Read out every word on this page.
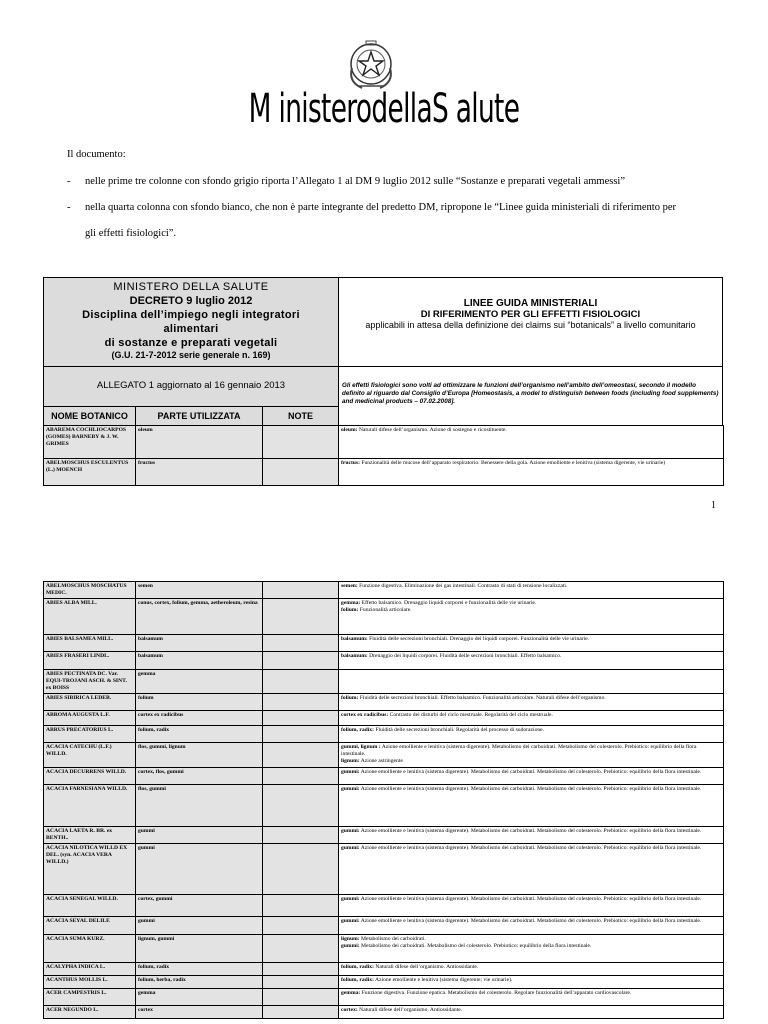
M inisterodellaS alute
Il documento:
- nelle prime tre colonne con sfondo grigio riporta l’Allegato 1 al DM 9 luglio 2012 sulle “Sostanze e preparati vegetali ammessi”
- nella quarta colonna con sfondo bianco, che non è parte integrante del predetto DM, ripropone le “Linee guida ministeriali di riferimento per
gli effetti fisiologici”.
MINISTERO DELLA SALUTE
DECRETO 9 luglio 2012
Disciplina dell’impiego negli integratori
alimentari
di sostanze e preparati vegetali
(G.U. 21-7-2012 serie generale n. 169)
LINEE GUIDA MINISTERIALI
DI RIFERIMENTO PER GLI EFFETTI FISIOLOGICI
applicabili in attesa della definizione dei claims sui “botanicals” a livello comunitario
ALLEGATO 1 aggiornato al 16 gennaio 2013	Gli effetti fisiologici sono volti ad ottimizzare le funzioni dell’organismo nell’ambito dell’omeostasi, secondo il modello definito al riguardo dal Consiglio d’Europa [Homeostasis, a model to distinguish between foods (including food supplements) and medicinal products – 07.02.2008].
NOME BOTANICO	PARTE UTILIZZATA	NOTE
ABAREMA COCHLIOCARPOS (GOMES) BARNEBY & J. W. GRIMES	oleum		oleum: Naturali difese dell’organismo. Azione di sostegno e ricostituente.
ABELMOSCHUS ESCULENTUS (L.) MOENCH	fructus		fructus: Funzionalità delle mucose dell’apparato respiratorio. Benessere della gola. Azione emolliente e lenitiva (sistema digerente, vie urinarie)
1
ABELMOSCHUS MOSCHATUS MEDIC.	semen		semen: Funzione digestiva. Eliminazione dei gas intestinali. Contrasto di stati di tensione localizzati.
ABIES ALBA MILL.	conus, cortex, folium, gemma, aetheroleum, resina		gemma: Effetto balsamico. Drenaggio liquidi corporei e funzionalità delle vie urinarie.
folium: Funzionalità articolare.
ABIES BALSAMEA MILL.	balsamum		balsamum: Fluidità delle secrezioni bronchiali. Drenaggio dei liquidi corporei. Funzionalità delle vie urinarie.
ABIES FRASERI LINDL.	balsamum		balsamum: Drenaggio dei liquidi corporei. Fluidità delle secrezioni bronchiali. Effetto balsamico.
ABIES PECTINATA DC. Var. EQUI-TROJANI ASCH. & SINT. ex BOISS	gemma		
ABIES SIBIRICA LEDEB.	folium		folium: Fluidità delle secrezioni bronchiali. Effetto balsamico. Funzionalità articolare. Naturali difese dell’organismo.
ABROMA AUGUSTA L.F.	cortex ex radicibus		cortex ex radicibus: Contrasto dei disturbi del ciclo mestruale. Regolarità del ciclo mestruale.
ABRUS PRECATORIUS L.	folium, radix		folium, radix: Fluidità delle secrezioni bronchiali. Regolarità del processo di sudorazione.
ACACIA CATECHU (L.F.) WILLD.	flos, gummi, lignum		gummi, lignum : Azione emolliente e lenitiva (sistema digerente). Metabolismo dei carboidrati. Metabolismo del colesterolo. Prebiotico: equilibrio della flora intestinale.
lignum: Azione astringente
ACACIA DECURRENS WILLD.	cortex, flos, gummi		gummi: Azione emolliente e lenitiva (sistema digerente). Metabolismo dei carboidrati. Metabolismo del colesterolo. Prebiotico: equilibrio della flora intestinale.
ACACIA FARNESIANA WILLD.	flos, gummi		gummi: Azione emolliente e lenitiva (sistema digerente). Metabolismo dei carboidrati. Metabolismo del colesterolo. Prebiotico: equilibrio della flora intestinale.
ACACIA LAETA R. BR. ex BENTH..	gummi		gummi: Azione emolliente e lenitiva (sistema digerente). Metabolismo dei carboidrati. Metabolismo del colesterolo. Prebiotico: equilibrio della flora intestinale.
ACACIA NILOTICA WILLD EX DEL. (syn. ACACIA VERA WILLD.)	gummi		gummi: Azione emolliente e lenitiva (sistema digerente). Metabolismo dei carboidrati. Metabolismo del colesterolo. Prebiotico: equilibrio della flora intestinale.
ACACIA SENEGAL WILLD.	cortex, gummi		gummi: Azione emolliente e lenitiva (sistema digerente). Metabolismo dei carboidrati. Metabolismo del colesterolo. Prebiotico: equilibrio della flora intestinale.
ACACIA SEYAL DELILE	gummi		gummi: Azione emolliente e lenitiva (sistema digerente). Metabolismo dei carboidrati. Metabolismo del colesterolo. Prebiotico: equilibrio della flora intestinale.
ACACIA SUMA KURZ.	lignum, gummi		lignum: Metabolismo dei carboidrati.
gummi: Metabolismo dei carboidrati. Metabolismo del colesterolo. Prebiotico: equilibrio della flora intestinale.
ACALYPHA INDICA L.	folium, radix		folium, radix: Naturali difese dell’organismo. Antiossidante.
ACANTHUS MOLLIS L.	folium, herba, radix		folium, radix: Azione emolliente e lenitiva (sistema digerente; vie urinarie).
ACER CAMPESTRIS L.	gemma		gemma: Funzione digestiva. Funzione epatica. Metabolismo del colesterolo. Regolare funzionalità dell’apparato cardiovascolare.
ACER NEGUNDO L.	cortex		cortex: Naturali difese dell’organismo. Antiossidante.
